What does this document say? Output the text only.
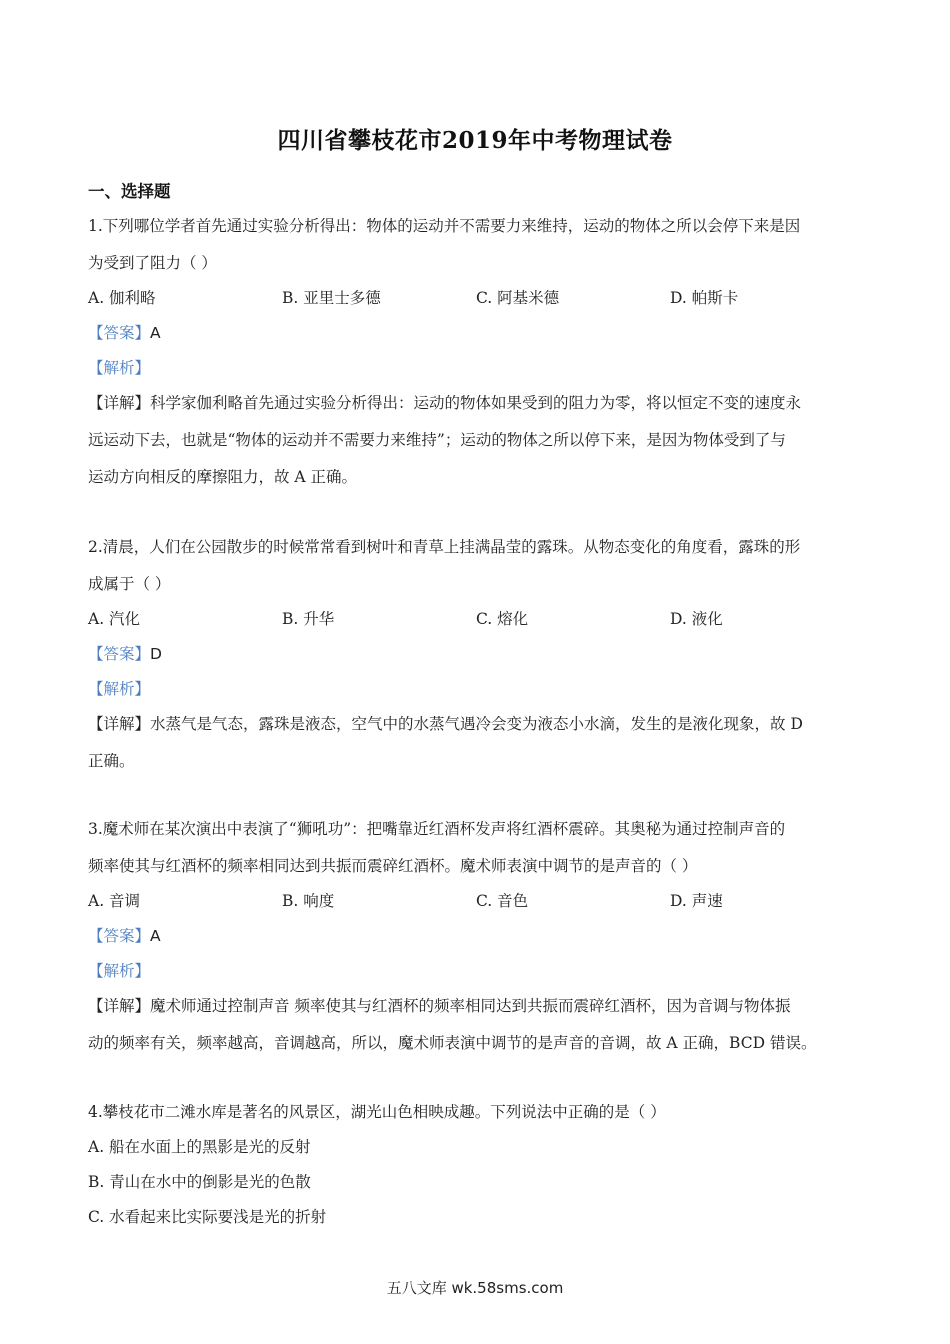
四川省攀枝花市2019年中考物理试卷
一、选择题
1.下列哪位学者首先通过实验分析得出：物体的运动并不需要力来维持，运动的物体之所以会停下来是因
为受到了阻力（ ）
A. 伽利略	B. 亚里士多德	C. 阿基米德	D. 帕斯卡
【答案】A
【解析】
【详解】科学家伽利略首先通过实验分析得出：运动的物体如果受到的阻力为零，将以恒定不变的速度永
远运动下去，也就是“物体的运动并不需要力来维持”；运动的物体之所以停下来，是因为物体受到了与
运动方向相反的摩擦阻力，故 A 正确。
2.清晨，人们在公园散步的时候常常看到树叶和青草上挂满晶莹的露珠。从物态变化的角度看，露珠的形
成属于（ ）
A. 汽化	B. 升华	C. 熔化	D. 液化
【答案】D
【解析】
【详解】水蒸气是气态，露珠是液态，空气中的水蒸气遇冷会变为液态小水滴，发生的是液化现象，故 D
正确。
3.魔术师在某次演出中表演了“狮吼功”：把嘴靠近红酒杯发声将红酒杯震碎。其奥秘为通过控制声音的
频率使其与红酒杯的频率相同达到共振而震碎红酒杯。魔术师表演中调节的是声音的（ ）
A. 音调	B. 响度	C. 音色	D. 声速
【答案】A
【解析】
【详解】魔术师通过控制声音 频率使其与红酒杯的频率相同达到共振而震碎红酒杯，因为音调与物体振
动的频率有关，频率越高，音调越高，所以，魔术师表演中调节的是声音的音调，故 A 正确，BCD 错误。
4.攀枝花市二滩水库是著名的风景区，湖光山色相映成趣。下列说法中正确的是（ ）
A. 船在水面上的黑影是光的反射
B. 青山在水中的倒影是光的色散
C. 水看起来比实际要浅是光的折射
五八文库 wk.58sms.com
